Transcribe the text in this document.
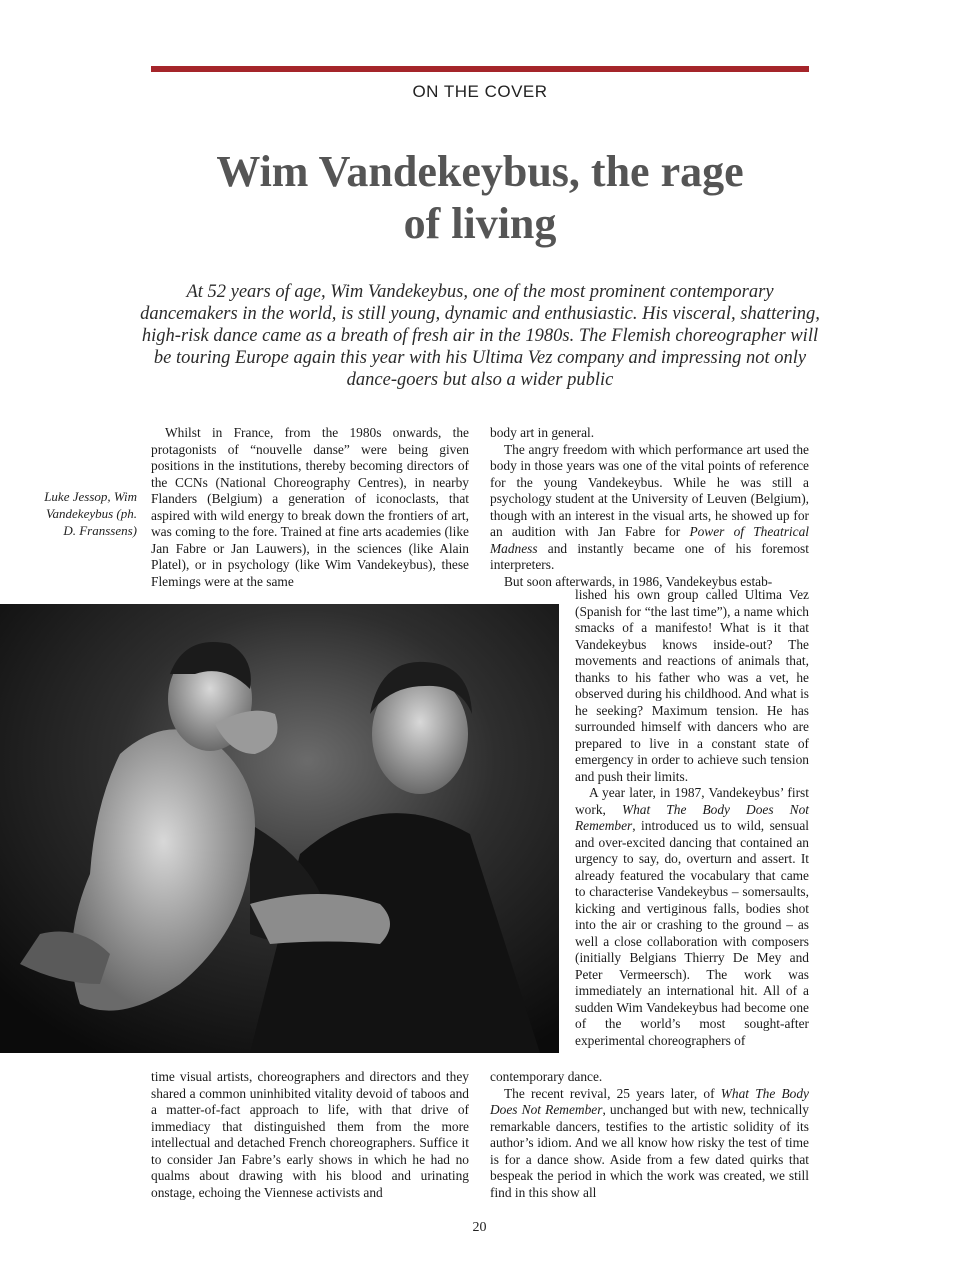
ON THE COVER
Wim Vandekeybus, the rage
of living
At 52 years of age, Wim Vandekeybus, one of the most prominent contemporary dancemakers in the world, is still young, dynamic and enthusiastic. His visceral, shattering, high-risk dance came as a breath of fresh air in the 1980s. The Flemish choreographer will be touring Europe again this year with his Ultima Vez company and impressing not only dance-goers but also a wider public
Luke Jessop, Wim Vandekeybus (ph. D. Franssens)

Whilst in France, from the 1980s onwards, the protagonists of “nouvelle danse” were being given positions in the institutions, thereby becoming directors of the CCNs (National Choreography Centres), in nearby Flanders (Belgium) a generation of iconoclasts, that aspired with wild energy to break down the frontiers of art, was coming to the fore. Trained at fine arts academies (like Jan Fabre or Jan Lauwers), in the sciences (like Alain Platel), or in psychology (like Wim Vandekeybus), these Flemings were at the same

body art in general.

The angry freedom with which performance art used the body in those years was one of the vital points of reference for the young Vandekeybus. While he was still a psychology student at the University of Leuven (Belgium), though with an interest in the visual arts, he showed up for an audition with Jan Fabre for Power of Theatrical Madness and instantly became one of his foremost interpreters.

But soon afterwards, in 1986, Vandekeybus estab-

lished his own group called Ultima Vez (Spanish for “the last time”), a name which smacks of a manifesto! What is it that Vandekeybus knows inside-out? The movements and reactions of animals that, thanks to his father who was a vet, he observed during his childhood. And what is he seeking? Maximum tension. He has surrounded himself with dancers who are prepared to live in a constant state of emergency in order to achieve such tension and push their limits.

A year later, in 1987, Vandekeybus’ first work, What The Body Does Not Remember, introduced us to wild, sensual and over-excited dancing that contained an urgency to say, do, overturn and assert. It already featured the vocabulary that came to characterise Vandekeybus – somersaults, kicking and vertiginous falls, bodies shot into the air or crashing to the ground – as well a close collaboration with composers (initially Belgians Thierry De Mey and Peter Vermeersch). The work was immediately an international hit. All of a sudden Wim Vandekeybus had become one of the world’s most sought-after experimental choreographers of

time visual artists, choreographers and directors and they shared a common uninhibited vitality devoid of taboos and a matter-of-fact approach to life, with that drive of immediacy that distinguished them from the more intellectual and detached French choreographers. Suffice it to consider Jan Fabre’s early shows in which he had no qualms about drawing with his blood and urinating onstage, echoing the Viennese activists and

contemporary dance.

The recent revival, 25 years later, of What The Body Does Not Remember, unchanged but with new, technically remarkable dancers, testifies to the artistic solidity of its author’s idiom. And we all know how risky the test of time is for a dance show. Aside from a few dated quirks that bespeak the period in which the work was created, we still find in this show all

20
